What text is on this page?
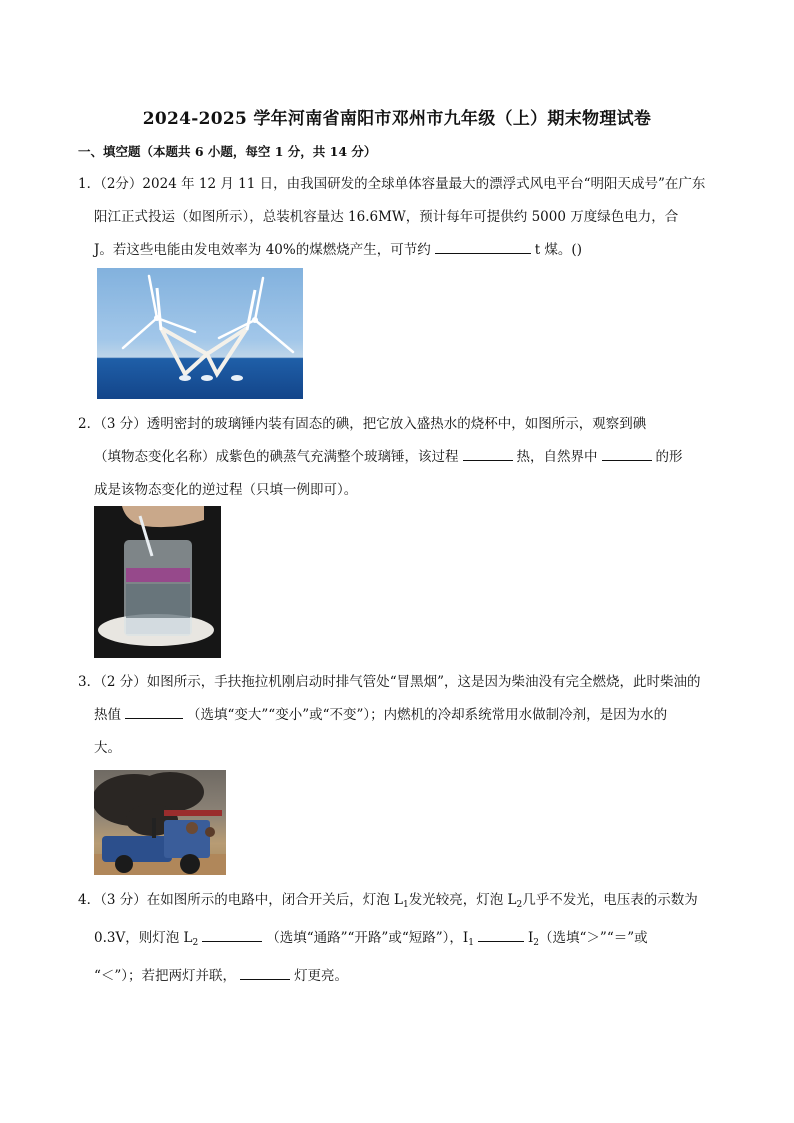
2024-2025 学年河南省南阳市邓州市九年级（上）期末物理试卷
一、填空题（本题共 6 小题，每空 1 分，共 14 分）
1．（2分）2024 年 12 月 11 日，由我国研发的全球单体容量最大的漂浮式风电平台“明阳天成号”在广东
阳江正式投运（如图所示），总装机容量达 16.6MW，预计每年可提供约 5000 万度绿色电力，合
J。若这些电能由发电效率为 40%的煤燃烧产生，可节约	t 煤。()
2．（3 分）透明密封的玻璃锤内装有固态的碘，把它放入盛热水的烧杯中，如图所示，观察到碘
（填物态变化名称）成紫色的碘蒸气充满整个玻璃锤，该过程	热，自然界中	的形
成是该物态变化的逆过程（只填一例即可）。
3．（2 分）如图所示，手扶拖拉机刚启动时排气管处“冒黑烟”，这是因为柴油没有完全燃烧，此时柴油的
热值	（选填“变大”“变小”或“不变”）；内燃机的冷却系统常用水做制冷剂，是因为水的
大。
4．（3 分）在如图所示的电路中，闭合开关后，灯泡 $L_1$发光较亮，灯泡 $L_2$几乎不发光，电压表的示数为
0.3V，则灯泡 $L_2$	（选填“通路”“开路”或“短路”），$I_1$	$I_2$（选填“＞”“＝”或
“＜”）；若把两灯并联，	灯更亮。
